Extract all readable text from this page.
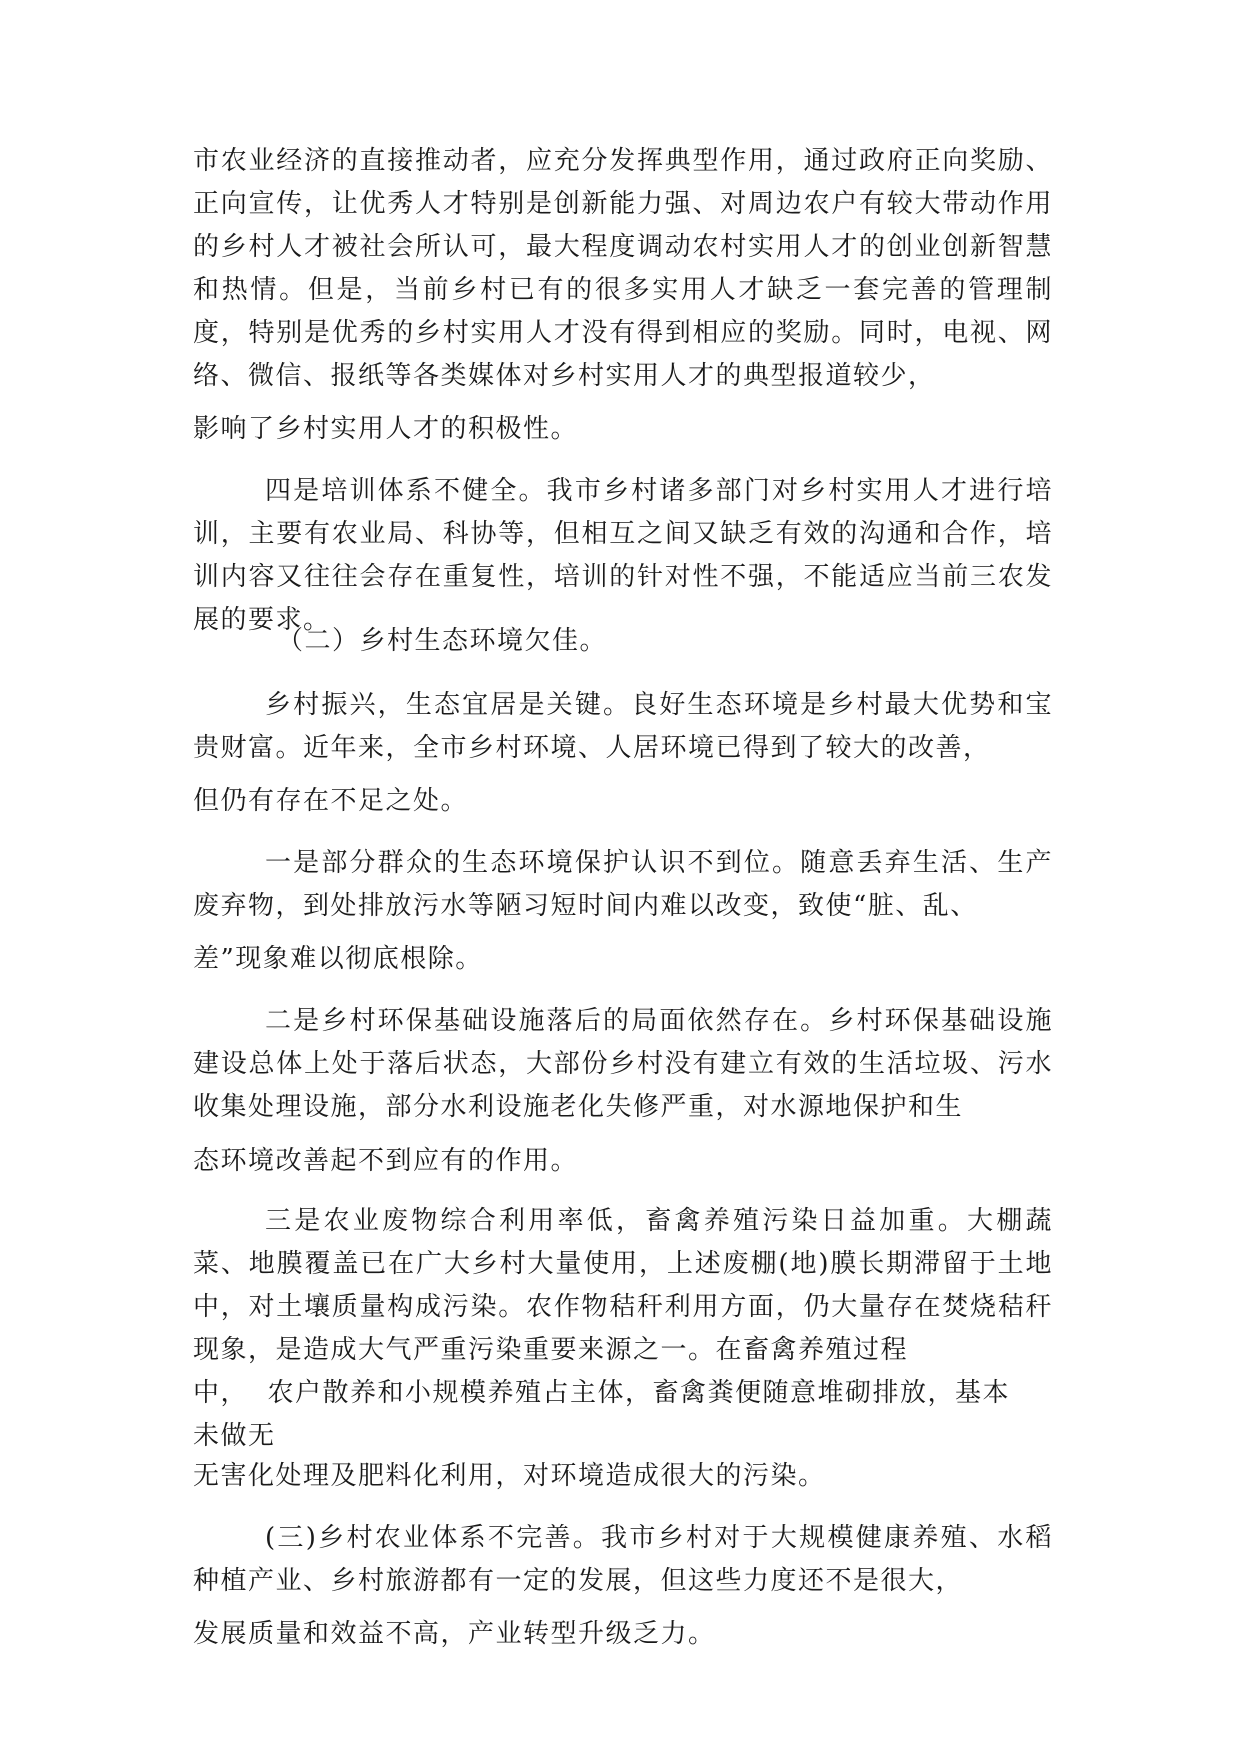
市农业经济的直接推动者，应充分发挥典型作用，通过政府正向奖励、正向宣传，让优秀人才特别是创新能力强、对周边农户有较大带动作用的乡村人才被社会所认可，最大程度调动农村实用人才的创业创新智慧和热情。但是，当前乡村已有的很多实用人才缺乏一套完善的管理制度，特别是优秀的乡村实用人才没有得到相应的奖励。同时，电视、网络、微信、报纸等各类媒体对乡村实用人才的典型报道较少，

影响了乡村实用人才的积极性。

四是培训体系不健全。我市乡村诸多部门对乡村实用人才进行培训，主要有农业局、科协等，但相互之间又缺乏有效的沟通和合作，培训内容又往往会存在重复性，培训的针对性不强，不能适应当前三农发展的要求。

（二）乡村生态环境欠佳。

乡村振兴，生态宜居是关键。良好生态环境是乡村最大优势和宝贵财富。近年来，全市乡村环境、人居环境已得到了较大的改善，

但仍有存在不足之处。

一是部分群众的生态环境保护认识不到位。随意丢弃生活、生产废弃物，到处排放污水等陋习短时间内难以改变，致使“脏、乱、

差”现象难以彻底根除。

二是乡村环保基础设施落后的局面依然存在。乡村环保基础设施建设总体上处于落后状态，大部份乡村没有建立有效的生活垃圾、污水收集处理设施，部分水利设施老化失修严重，对水源地保护和生

态环境改善起不到应有的作用。

三是农业废物综合利用率低，畜禽养殖污染日益加重。大棚蔬菜、地膜覆盖已在广大乡村大量使用，上述废棚(地)膜长期滞留于土地中，对土壤质量构成污染。农作物秸秆利用方面，仍大量存在焚烧秸秆现象，是造成大气严重污染重要来源之一。在畜禽养殖过程
中，  农户散养和小规模养殖占主体，畜禽粪便随意堆砌排放，基本
未做无

无害化处理及肥料化利用，对环境造成很大的污染。

(三)乡村农业体系不完善。我市乡村对于大规模健康养殖、水稻种植产业、乡村旅游都有一定的发展，但这些力度还不是很大，

发展质量和效益不高，产业转型升级乏力。
